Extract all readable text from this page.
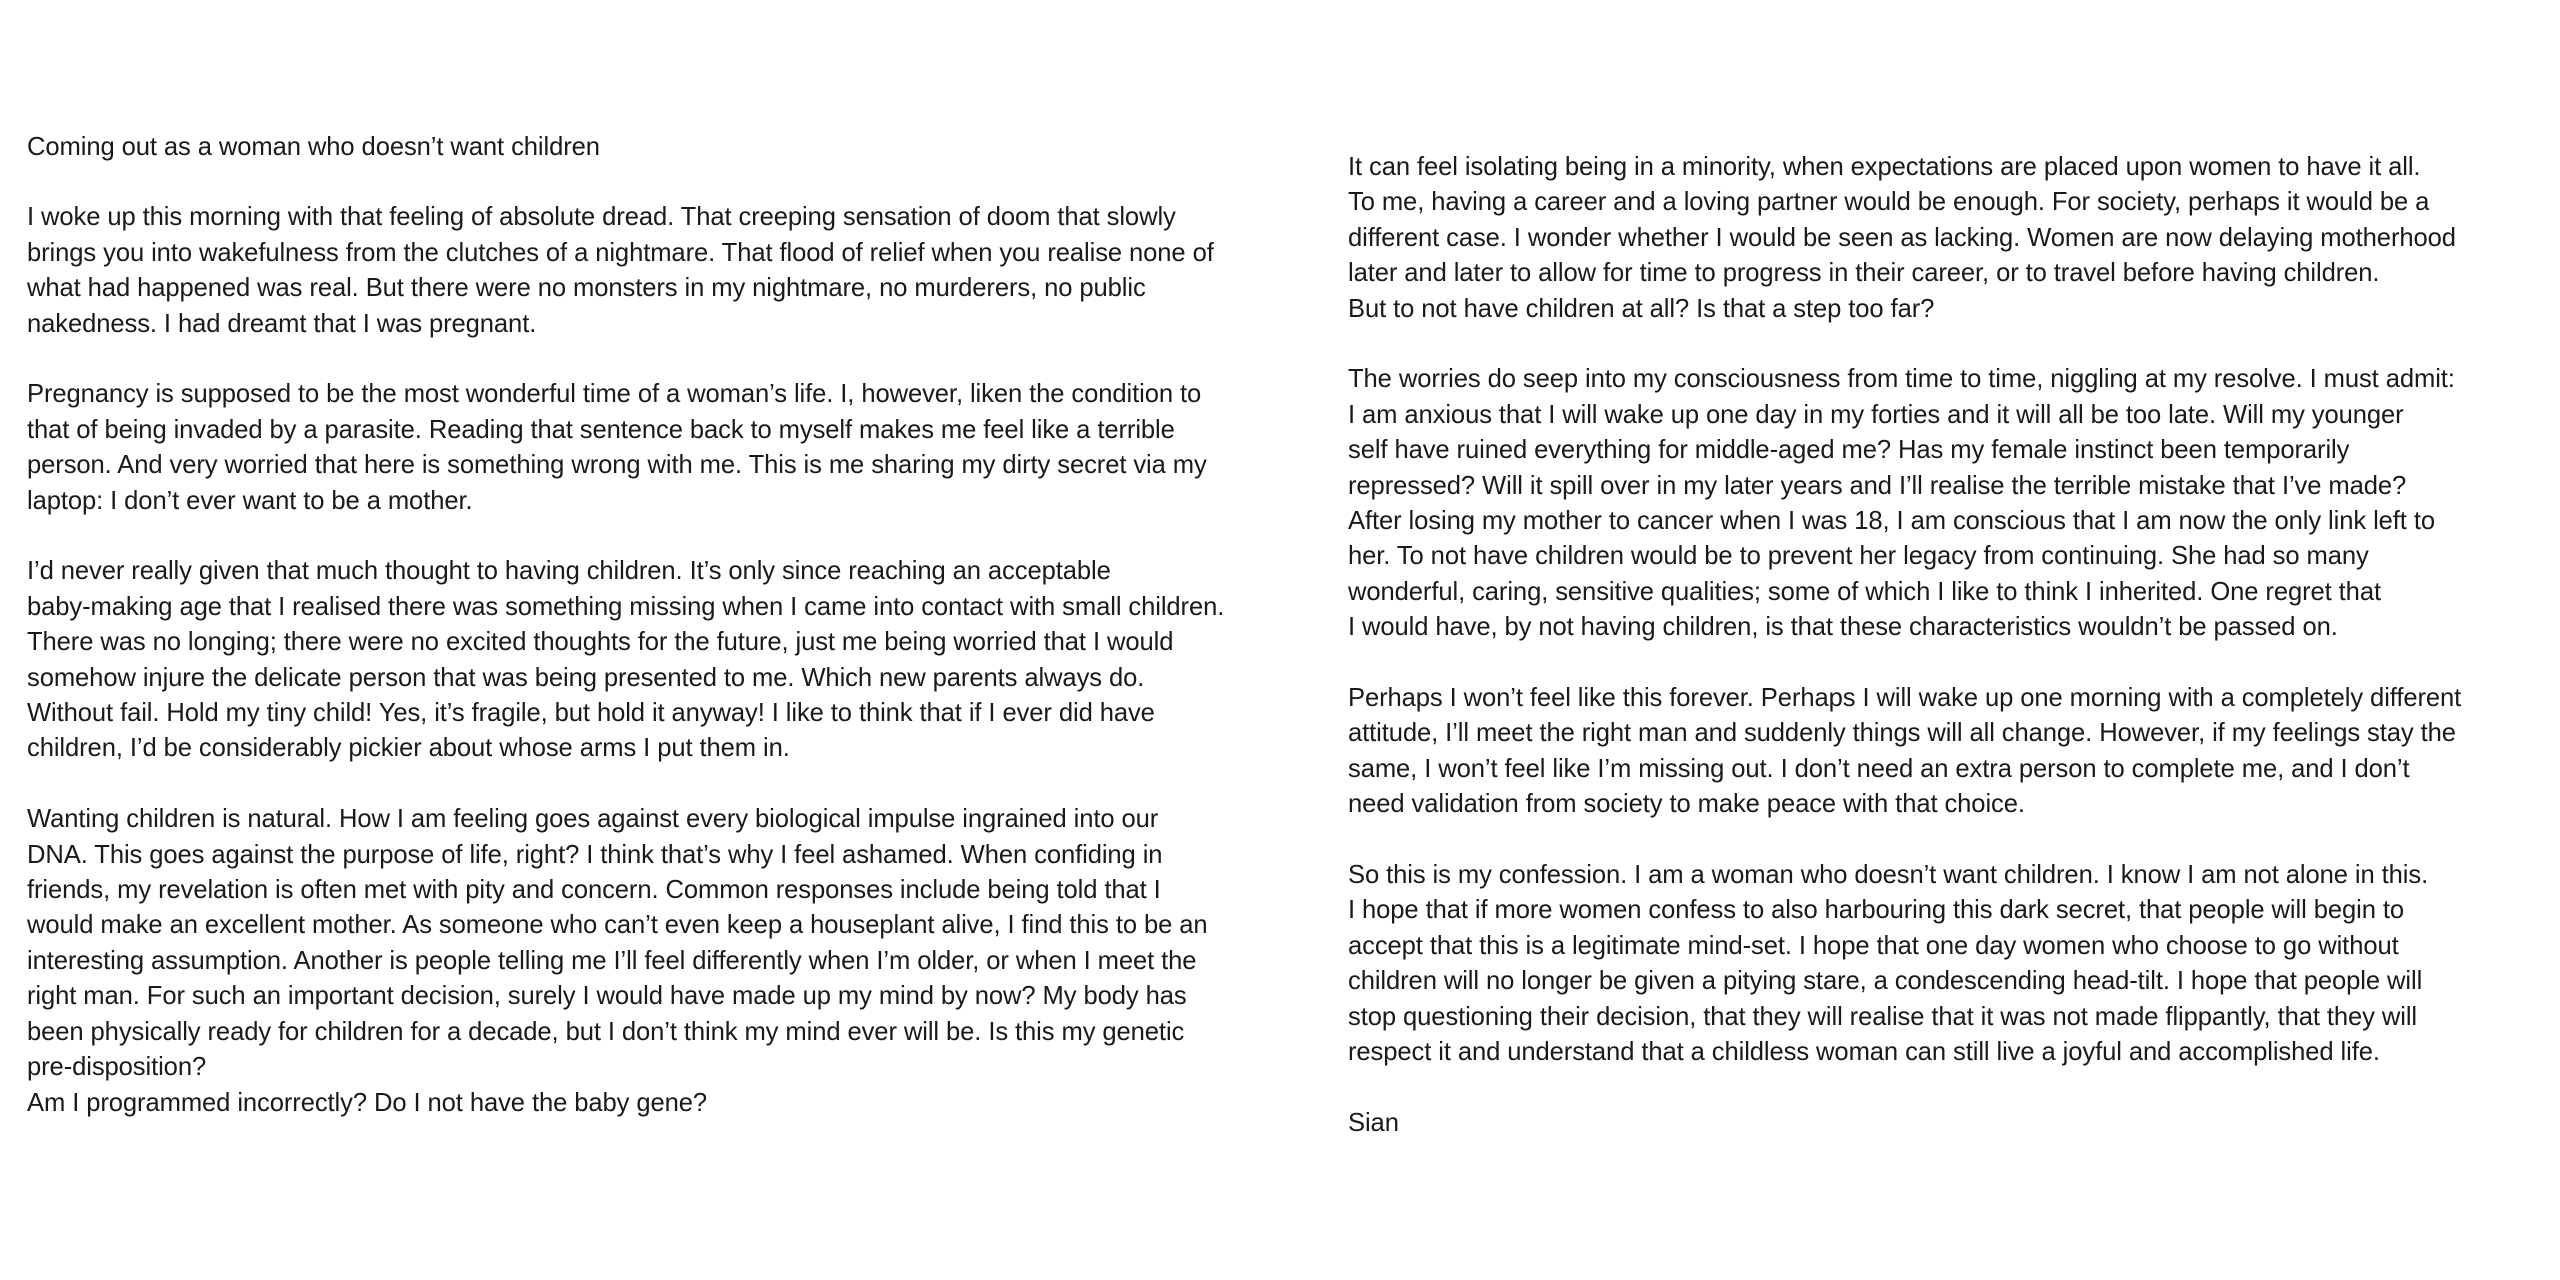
Coming out as a woman who doesn’t want children

I woke up this morning with that feeling of absolute dread. That creeping sensation of doom that slowly
brings you into wakefulness from the clutches of a nightmare. That flood of relief when you realise none of
what had happened was real. But there were no monsters in my nightmare, no murderers, no public
nakedness. I had dreamt that I was pregnant.

Pregnancy is supposed to be the most wonderful time of a woman’s life. I, however, liken the condition to
that of being invaded by a parasite. Reading that sentence back to myself makes me feel like a terrible
person. And very worried that here is something wrong with me. This is me sharing my dirty secret via my
laptop: I don’t ever want to be a mother.

I’d never really given that much thought to having children. It’s only since reaching an acceptable
baby-making age that I realised there was something missing when I came into contact with small children.
There was no longing; there were no excited thoughts for the future, just me being worried that I would
somehow injure the delicate person that was being presented to me. Which new parents always do.
Without fail. Hold my tiny child! Yes, it’s fragile, but hold it anyway! I like to think that if I ever did have
children, I’d be considerably pickier about whose arms I put them in.

Wanting children is natural. How I am feeling goes against every biological impulse ingrained into our
DNA. This goes against the purpose of life, right? I think that’s why I feel ashamed. When confiding in
friends, my revelation is often met with pity and concern. Common responses include being told that I
would make an excellent mother. As someone who can’t even keep a houseplant alive, I find this to be an
interesting assumption. Another is people telling me I’ll feel differently when I’m older, or when I meet the
right man. For such an important decision, surely I would have made up my mind by now? My body has
been physically ready for children for a decade, but I don’t think my mind ever will be. Is this my genetic
pre-disposition?
Am I programmed incorrectly? Do I not have the baby gene?

It can feel isolating being in a minority, when expectations are placed upon women to have it all.
To me, having a career and a loving partner would be enough. For society, perhaps it would be a
different case. I wonder whether I would be seen as lacking. Women are now delaying motherhood
later and later to allow for time to progress in their career, or to travel before having children.
But to not have children at all? Is that a step too far?

The worries do seep into my consciousness from time to time, niggling at my resolve. I must admit:
I am anxious that I will wake up one day in my forties and it will all be too late. Will my younger
self have ruined everything for middle-aged me? Has my female instinct been temporarily
repressed? Will it spill over in my later years and I’ll realise the terrible mistake that I’ve made?
After losing my mother to cancer when I was 18, I am conscious that I am now the only link left to
her. To not have children would be to prevent her legacy from continuing. She had so many
wonderful, caring, sensitive qualities; some of which I like to think I inherited. One regret that
I would have, by not having children, is that these characteristics wouldn’t be passed on.

Perhaps I won’t feel like this forever. Perhaps I will wake up one morning with a completely different
attitude, I’ll meet the right man and suddenly things will all change. However, if my feelings stay the
same, I won’t feel like I’m missing out. I don’t need an extra person to complete me, and I don’t
need validation from society to make peace with that choice.

So this is my confession. I am a woman who doesn’t want children. I know I am not alone in this.
I hope that if more women confess to also harbouring this dark secret, that people will begin to
accept that this is a legitimate mind-set. I hope that one day women who choose to go without
children will no longer be given a pitying stare, a condescending head-tilt. I hope that people will
stop questioning their decision, that they will realise that it was not made flippantly, that they will
respect it and understand that a childless woman can still live a joyful and accomplished life.

Sian
